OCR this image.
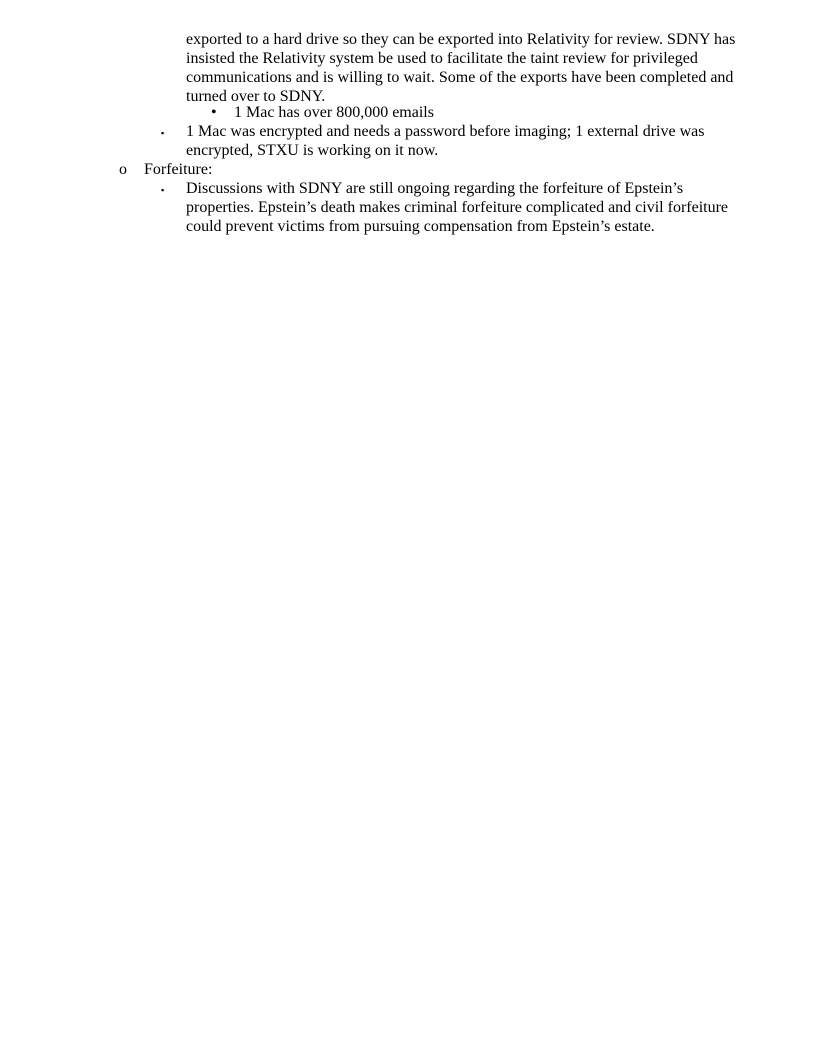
exported to a hard drive so they can be exported into Relativity for review. SDNY has insisted the Relativity system be used to facilitate the taint review for privileged communications and is willing to wait. Some of the exports have been completed and turned over to SDNY.
• 1 Mac has over 800,000 emails
▪ 1 Mac was encrypted and needs a password before imaging; 1 external drive was encrypted, STXU is working on it now.
o Forfeiture:
▪ Discussions with SDNY are still ongoing regarding the forfeiture of Epstein’s properties. Epstein’s death makes criminal forfeiture complicated and civil forfeiture could prevent victims from pursuing compensation from Epstein’s estate.
